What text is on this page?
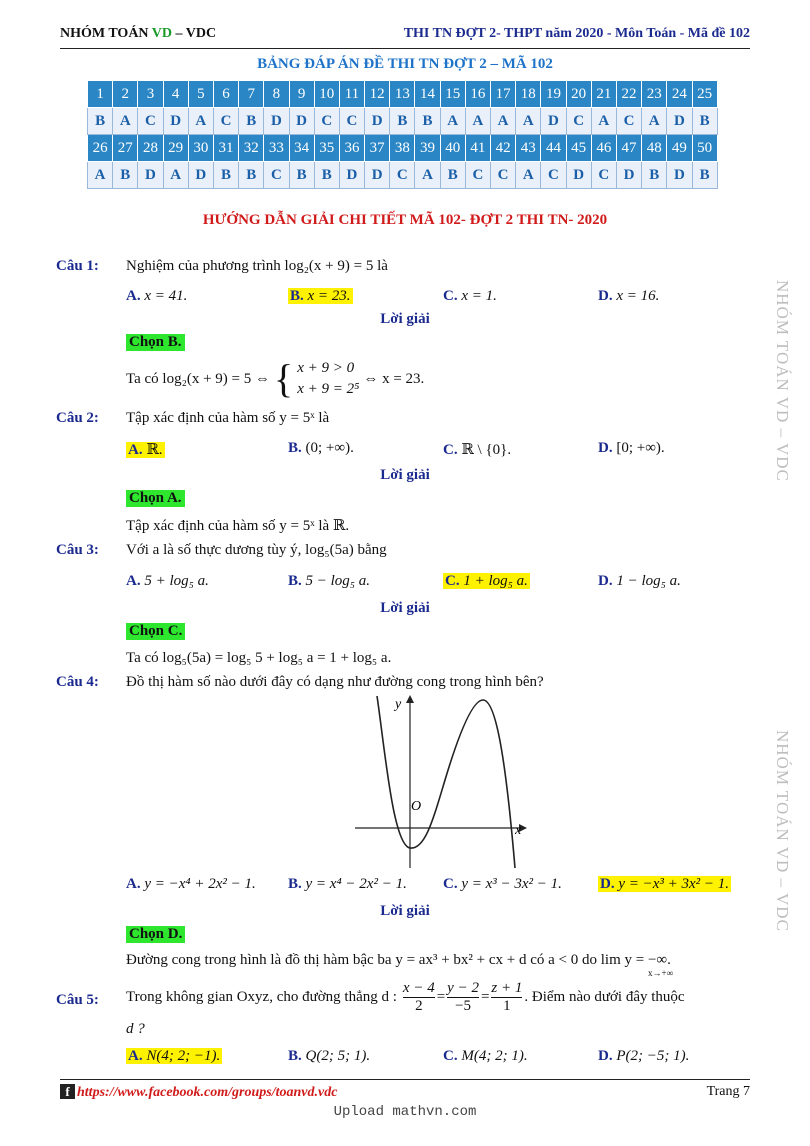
NHÓM TOÁN VD – VDC	THI TN ĐỢT 2- THPT năm 2020 - Môn Toán - Mã đề 102
BẢNG ĐÁP ÁN ĐỀ THI TN ĐỢT 2 – MÃ 102
1	2	3	4	5	6	7	8	9	10	11	12	13	14	15	16	17	18	19	20	21	22	23	24	25
B	A	C	D	A	C	B	D	D	C	C	D	B	B	A	A	A	A	D	C	A	C	A	D	B
26	27	28	29	30	31	32	33	34	35	36	37	38	39	40	41	42	43	44	45	46	47	48	49	50
A	B	D	A	D	B	B	C	B	B	D	D	C	A	B	C	C	A	C	D	C	D	B	D	B
HƯỚNG DẪN GIẢI CHI TIẾT MÃ 102- ĐỢT 2 THI TN- 2020
Câu 1: Nghiệm của phương trình log₂(x + 9) = 5 là
A. x = 41.	B. x = 23.	C. x = 1.	D. x = 16.
Lời giải
Chọn B.
Ta có log₂(x + 9) = 5 ⇔ { x + 9 > 0
x + 9 = 2⁵
⇔ x = 23.
Câu 2: Tập xác định của hàm số y = 5ˣ là
A. ℝ.	B. (0; +∞).	C. ℝ \ {0}.	D. [0; +∞).
Lời giải
Chọn A.
Tập xác định của hàm số y = 5ˣ là ℝ.
Câu 3: Với a là số thực dương tùy ý, log₅(5a) bằng
A. 5 + log₅ a.	B. 5 − log₅ a.	C. 1 + log₅ a.	D. 1 − log₅ a.
Lời giải
Chọn C.
Ta có log₅(5a) = log₅ 5 + log₅ a = 1 + log₅ a.
Câu 4: Đồ thị hàm số nào dưới đây có dạng như đường cong trong hình bên?
x
y
O
A. y = −x⁴ + 2x² − 1. B. y = x⁴ − 2x² − 1. C. y = x³ − 3x² − 1.	D. y = −x³ + 3x² − 1.
Lời giải
Chọn D.
Đường cong trong hình là đồ thị hàm bậc ba y = ax³ + bx² + cx + d có a < 0 do lim y = −∞.
x→+∞
Câu 5: Trong không gian Oxyz, cho đường thẳng d : $\frac{x - 4}{2} = \frac{y - 2}{-5} = \frac{z + 1}{1}$ . Điểm nào dưới đây thuộc
d ?
A. N(4; 2; −1).	B. Q(2; 5; 1).	C. M(4; 2; 1).	D. P(2; −5; 1).
NHÓM TOÁN VD – VDC
NHÓM TOÁN VD – VDC
f https://www.facebook.com/groups/toanvd.vdc	Trang 7
Upload mathvn.com
